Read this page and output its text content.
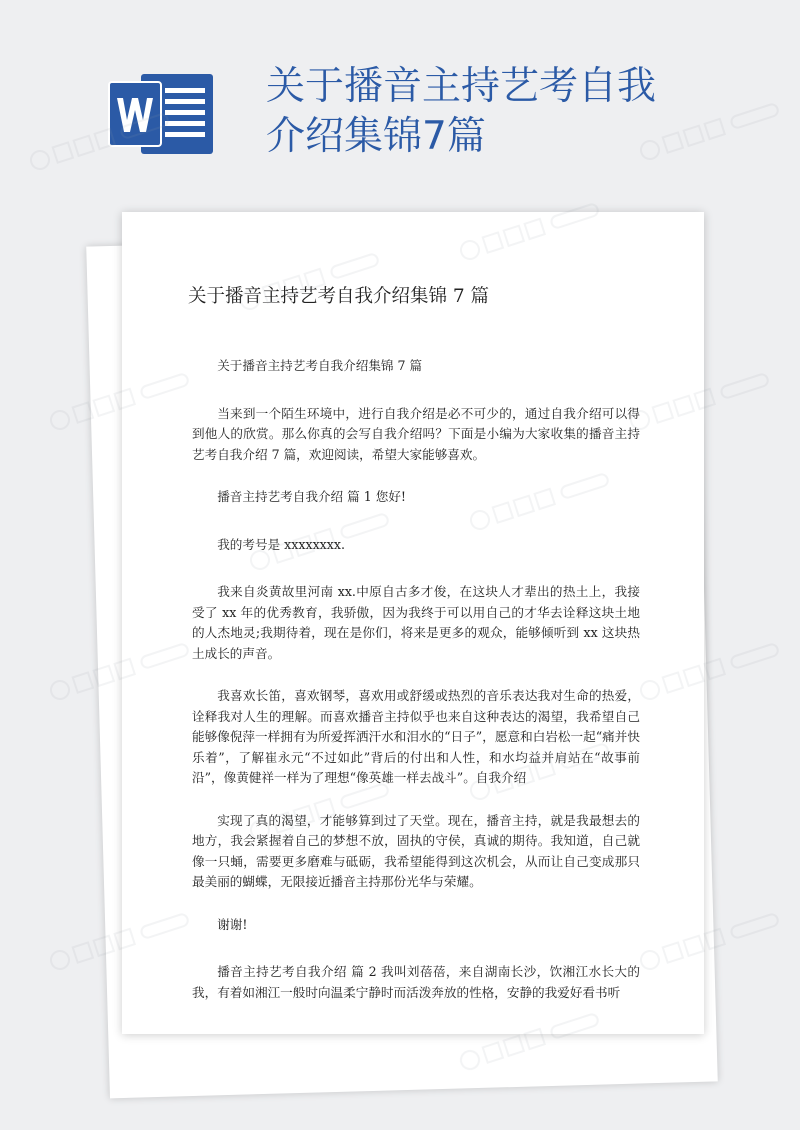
关于播音主持艺考自我
介绍集锦7篇
关于播音主持艺考自我介绍集锦 7 篇

关于播音主持艺考自我介绍集锦 7 篇

当来到一个陌生环境中，进行自我介绍是必不可少的，通过自我介绍可以得到他人的欣赏。那么你真的会写自我介绍吗？下面是小编为大家收集的播音主持艺考自我介绍 7 篇，欢迎阅读，希望大家能够喜欢。

播音主持艺考自我介绍 篇 1 您好!

我的考号是 xxxxxxxx.

我来自炎黄故里河南 xx.中原自古多才俊，在这块人才辈出的热土上，我接受了 xx 年的优秀教育，我骄傲，因为我终于可以用自己的才华去诠释这块土地的人杰地灵;我期待着，现在是你们，将来是更多的观众，能够倾听到 xx 这块热土成长的声音。

我喜欢长笛，喜欢钢琴，喜欢用或舒缓或热烈的音乐表达我对生命的热爱，诠释我对人生的理解。而喜欢播音主持似乎也来自这种表达的渴望，我希望自己能够像倪萍一样拥有为所爱挥洒汗水和泪水的“日子”，愿意和白岩松一起“痛并快乐着”，了解崔永元“不过如此”背后的付出和人性，和水均益并肩站在“故事前沿”，像黄健祥一样为了理想“像英雄一样去战斗”。自我介绍

实现了真的渴望，才能够算到过了天堂。现在，播音主持，就是我最想去的地方，我会紧握着自己的梦想不放，固执的守侯，真诚的期待。我知道，自己就像一只蛹，需要更多磨难与砥砺，我希望能得到这次机会，从而让自己变成那只最美丽的蝴蝶，无限接近播音主持那份光华与荣耀。

谢谢!

播音主持艺考自我介绍 篇 2 我叫刘蓓蓓，来自湖南长沙，饮湘江水长大的我，有着如湘江一般时向温柔宁静时而活泼奔放的性格，安静的我爱好看书听
